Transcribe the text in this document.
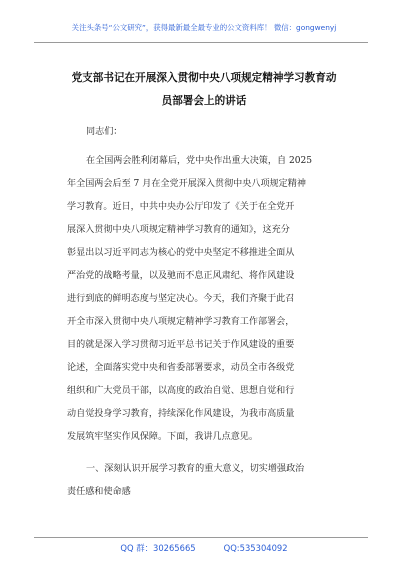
关注头条号“公文研究”，获得最新最全最专业的公文资料库！ 微信：gongwenyj
党支部书记在开展深入贯彻中央八项规定精神学习教育动
员部署会上的讲话
同志们：
在全国两会胜利闭幕后，党中央作出重大决策，自 2025
年全国两会后至 7 月在全党开展深入贯彻中央八项规定精神
学习教育。近日，中共中央办公厅印发了《关于在全党开
展深入贯彻中央八项规定精神学习教育的通知》，这充分
彰显出以习近平同志为核心的党中央坚定不移推进全面从
严治党的战略考量，以及驰而不息正风肃纪、将作风建设
进行到底的鲜明态度与坚定决心。今天，我们齐聚于此召
开全市深入贯彻中央八项规定精神学习教育工作部署会，
目的就是深入学习贯彻习近平总书记关于作风建设的重要
论述，全面落实党中央和省委部署要求，动员全市各级党
组织和广大党员干部，以高度的政治自觉、思想自觉和行
动自觉投身学习教育，持续深化作风建设，为我市高质量
发展筑牢坚实作风保障。下面，我讲几点意见。
一、深刻认识开展学习教育的重大意义，切实增强政治
责任感和使命感
QQ 群：30265665	QQ:535304092
